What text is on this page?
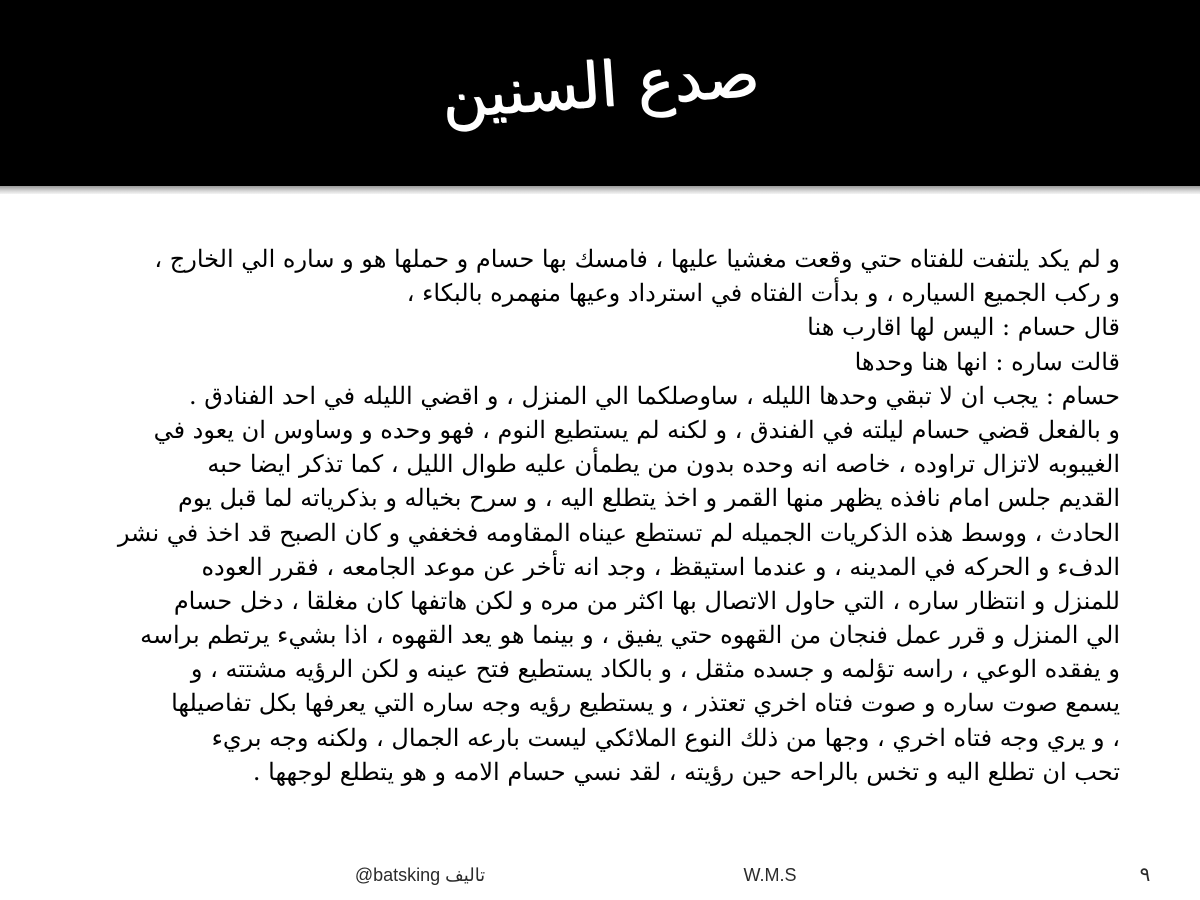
صدع السنين
و لم يكد يلتفت للفتاه حتي وقعت مغشيا عليها ، فامسك بها حسام و حملها هو و ساره الي الخارج ،
و ركب الجميع السياره ، و بدأت الفتاه في استرداد وعيها منهمره بالبكاء ،
قال حسام : اليس لها اقارب هنا
قالت ساره : انها هنا وحدها
حسام : يجب ان لا تبقي وحدها الليله ، ساوصلكما الي المنزل ، و اقضي الليله في احد الفنادق .
و بالفعل قضي حسام ليلته في الفندق ، و لكنه لم يستطيع النوم ، فهو وحده و وساوس ان يعود في
الغيبوبه لاتزال تراوده ، خاصه انه وحده بدون من يطمأن عليه طوال الليل ، كما تذكر ايضا حبه
القديم جلس امام نافذه يظهر منها القمر و اخذ يتطلع اليه ، و سرح بخياله و بذكرياته لما قبل يوم
الحادث ، ووسط هذه الذكريات الجميله لم تستطع عيناه المقاومه فخغفي و كان الصبح قد اخذ في نشر
الدفء و الحركه في المدينه ، و عندما استيقظ ، وجد انه تأخر عن موعد الجامعه ، فقرر العوده
للمنزل و انتظار ساره ، التي حاول الاتصال بها اكثر من مره و لكن هاتفها كان مغلقا ، دخل حسام
الي المنزل و قرر عمل فنجان من القهوه حتي يفيق ، و بينما هو يعد القهوه ، اذا بشيء يرتطم براسه
و يفقده الوعي ، راسه تؤلمه و جسده مثقل ، و بالكاد يستطيع فتح عينه و لكن الرؤيه مشتته ، و
يسمع صوت ساره و صوت فتاه اخري تعتذر ، و يستطيع رؤيه وجه ساره التي يعرفها بكل تفاصيلها
، و يري وجه فتاه اخري ، وجها من ذلك النوع الملائكي ليست بارعه الجمال ، ولكنه وجه بريء
تحب ان تطلع اليه و تخس بالراحه حين رؤيته ، لقد نسي حسام الامه و هو يتطلع لوجهها .
@batsking تاليف	W.M.S	٩
